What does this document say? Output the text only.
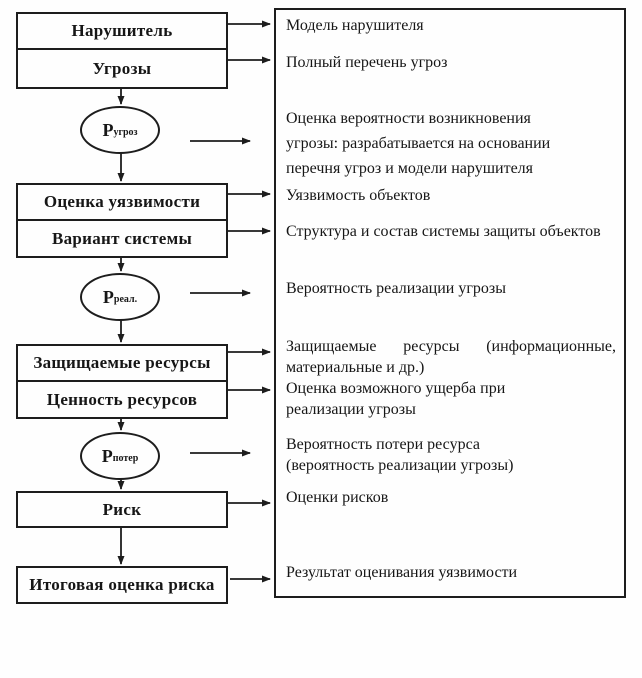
Нарушитель
Угрозы
$P_{угроз}$
Оценка уязвимости
Вариант системы
$P_{реал.}$
Защищаемые ресурсы
Ценность ресурсов
$P_{потер}$
Риск
Итоговая оценка риска
Модель нарушителя
Полный перечень угроз
Оценка вероятности возникновения угрозы: разрабатывается на основании перечня угроз и модели нарушителя
Уязвимость объектов
Структура и состав системы защиты объектов
Вероятность реализации угрозы
Защищаемые ресурсы (информационные, материальные и др.)
Оценка возможного ущерба при реализации угрозы
Вероятность потери ресурса (вероятность реализации угрозы)
Оценки рисков
Результат оценивания уязвимости
